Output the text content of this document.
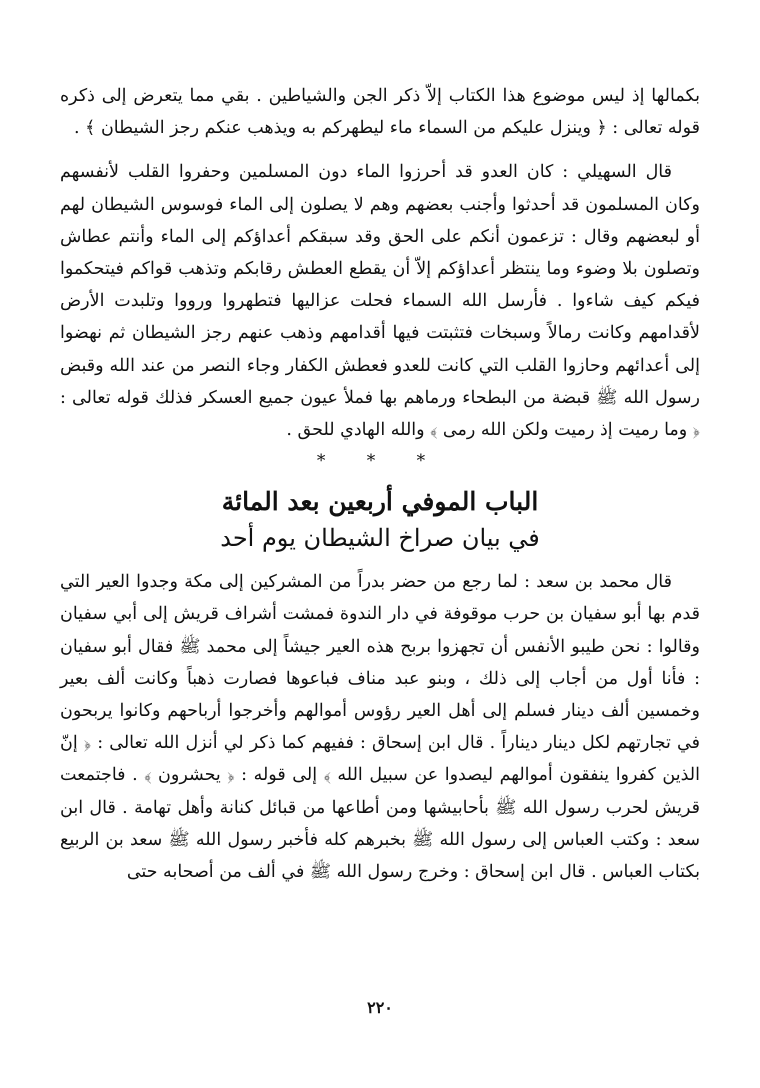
بكمالها إذ ليس موضوع هذا الكتاب إلاّ ذكر الجن والشياطين . بقي مما يتعرض إلى ذكره قوله تعالى : ﴿ وينزل عليكم من السماء ماء ليطهركم به ويذهب عنكم رجز الشيطان ﴾ .

قال السهيلي : كان العدو قد أحرزوا الماء دون المسلمين وحفروا القلب لأنفسهم وكان المسلمون قد أحدثوا وأجنب بعضهم وهم لا يصلون إلى الماء فوسوس الشيطان لهم أو لبعضهم وقال : تزعمون أنكم على الحق وقد سبقكم أعداؤكم إلى الماء وأنتم عطاش وتصلون بلا وضوء وما ينتظر أعداؤكم إلاّ أن يقطع العطش رقابكم وتذهب قواكم فيتحكموا فيكم كيف شاءوا . فأرسل الله السماء فحلت عزاليها فتطهروا ورووا وتلبدت الأرض لأقدامهم وكانت رمالاً وسبخات فتثبتت فيها أقدامهم وذهب عنهم رجز الشيطان ثم نهضوا إلى أعدائهم وحازوا القلب التي كانت للعدو فعطش الكفار وجاء النصر من عند الله وقبض رسول الله ﷺ قبضة من البطحاء ورماهم بها فملأ عيون جميع العسكر فذلك قوله تعالى : ﴿ وما رميت إذ رميت ولكن الله رمى ﴾ والله الهادي للحق .

* * *
الباب الموفي أربعين بعد المائة
في بيان صراخ الشيطان يوم أحد

قال محمد بن سعد : لما رجع من حضر بدراً من المشركين إلى مكة وجدوا العير التي قدم بها أبو سفيان بن حرب موقوفة في دار الندوة فمشت أشراف قريش إلى أبي سفيان وقالوا : نحن طيبو الأنفس أن تجهزوا بربح هذه العير جيشاً إلى محمد ﷺ فقال أبو سفيان : فأنا أول من أجاب إلى ذلك ، وبنو عبد مناف فباعوها فصارت ذهباً وكانت ألف بعير وخمسين ألف دينار فسلم إلى أهل العير رؤوس أموالهم وأخرجوا أرباحهم وكانوا يربحون في تجارتهم لكل دينار ديناراً . قال ابن إسحاق : ففيهم كما ذكر لي أنزل الله تعالى : ﴿ إنّ الذين كفروا ينفقون أموالهم ليصدوا عن سبيل الله ﴾ إلى قوله : ﴿ يحشرون ﴾ . فاجتمعت قريش لحرب رسول الله ﷺ بأحابيشها ومن أطاعها من قبائل كنانة وأهل تهامة . قال ابن سعد : وكتب العباس إلى رسول الله ﷺ بخبرهم كله فأخبر رسول الله ﷺ سعد بن الربيع بكتاب العباس . قال ابن إسحاق : وخرج رسول الله ﷺ في ألف من أصحابه حتى

٢٢٠
